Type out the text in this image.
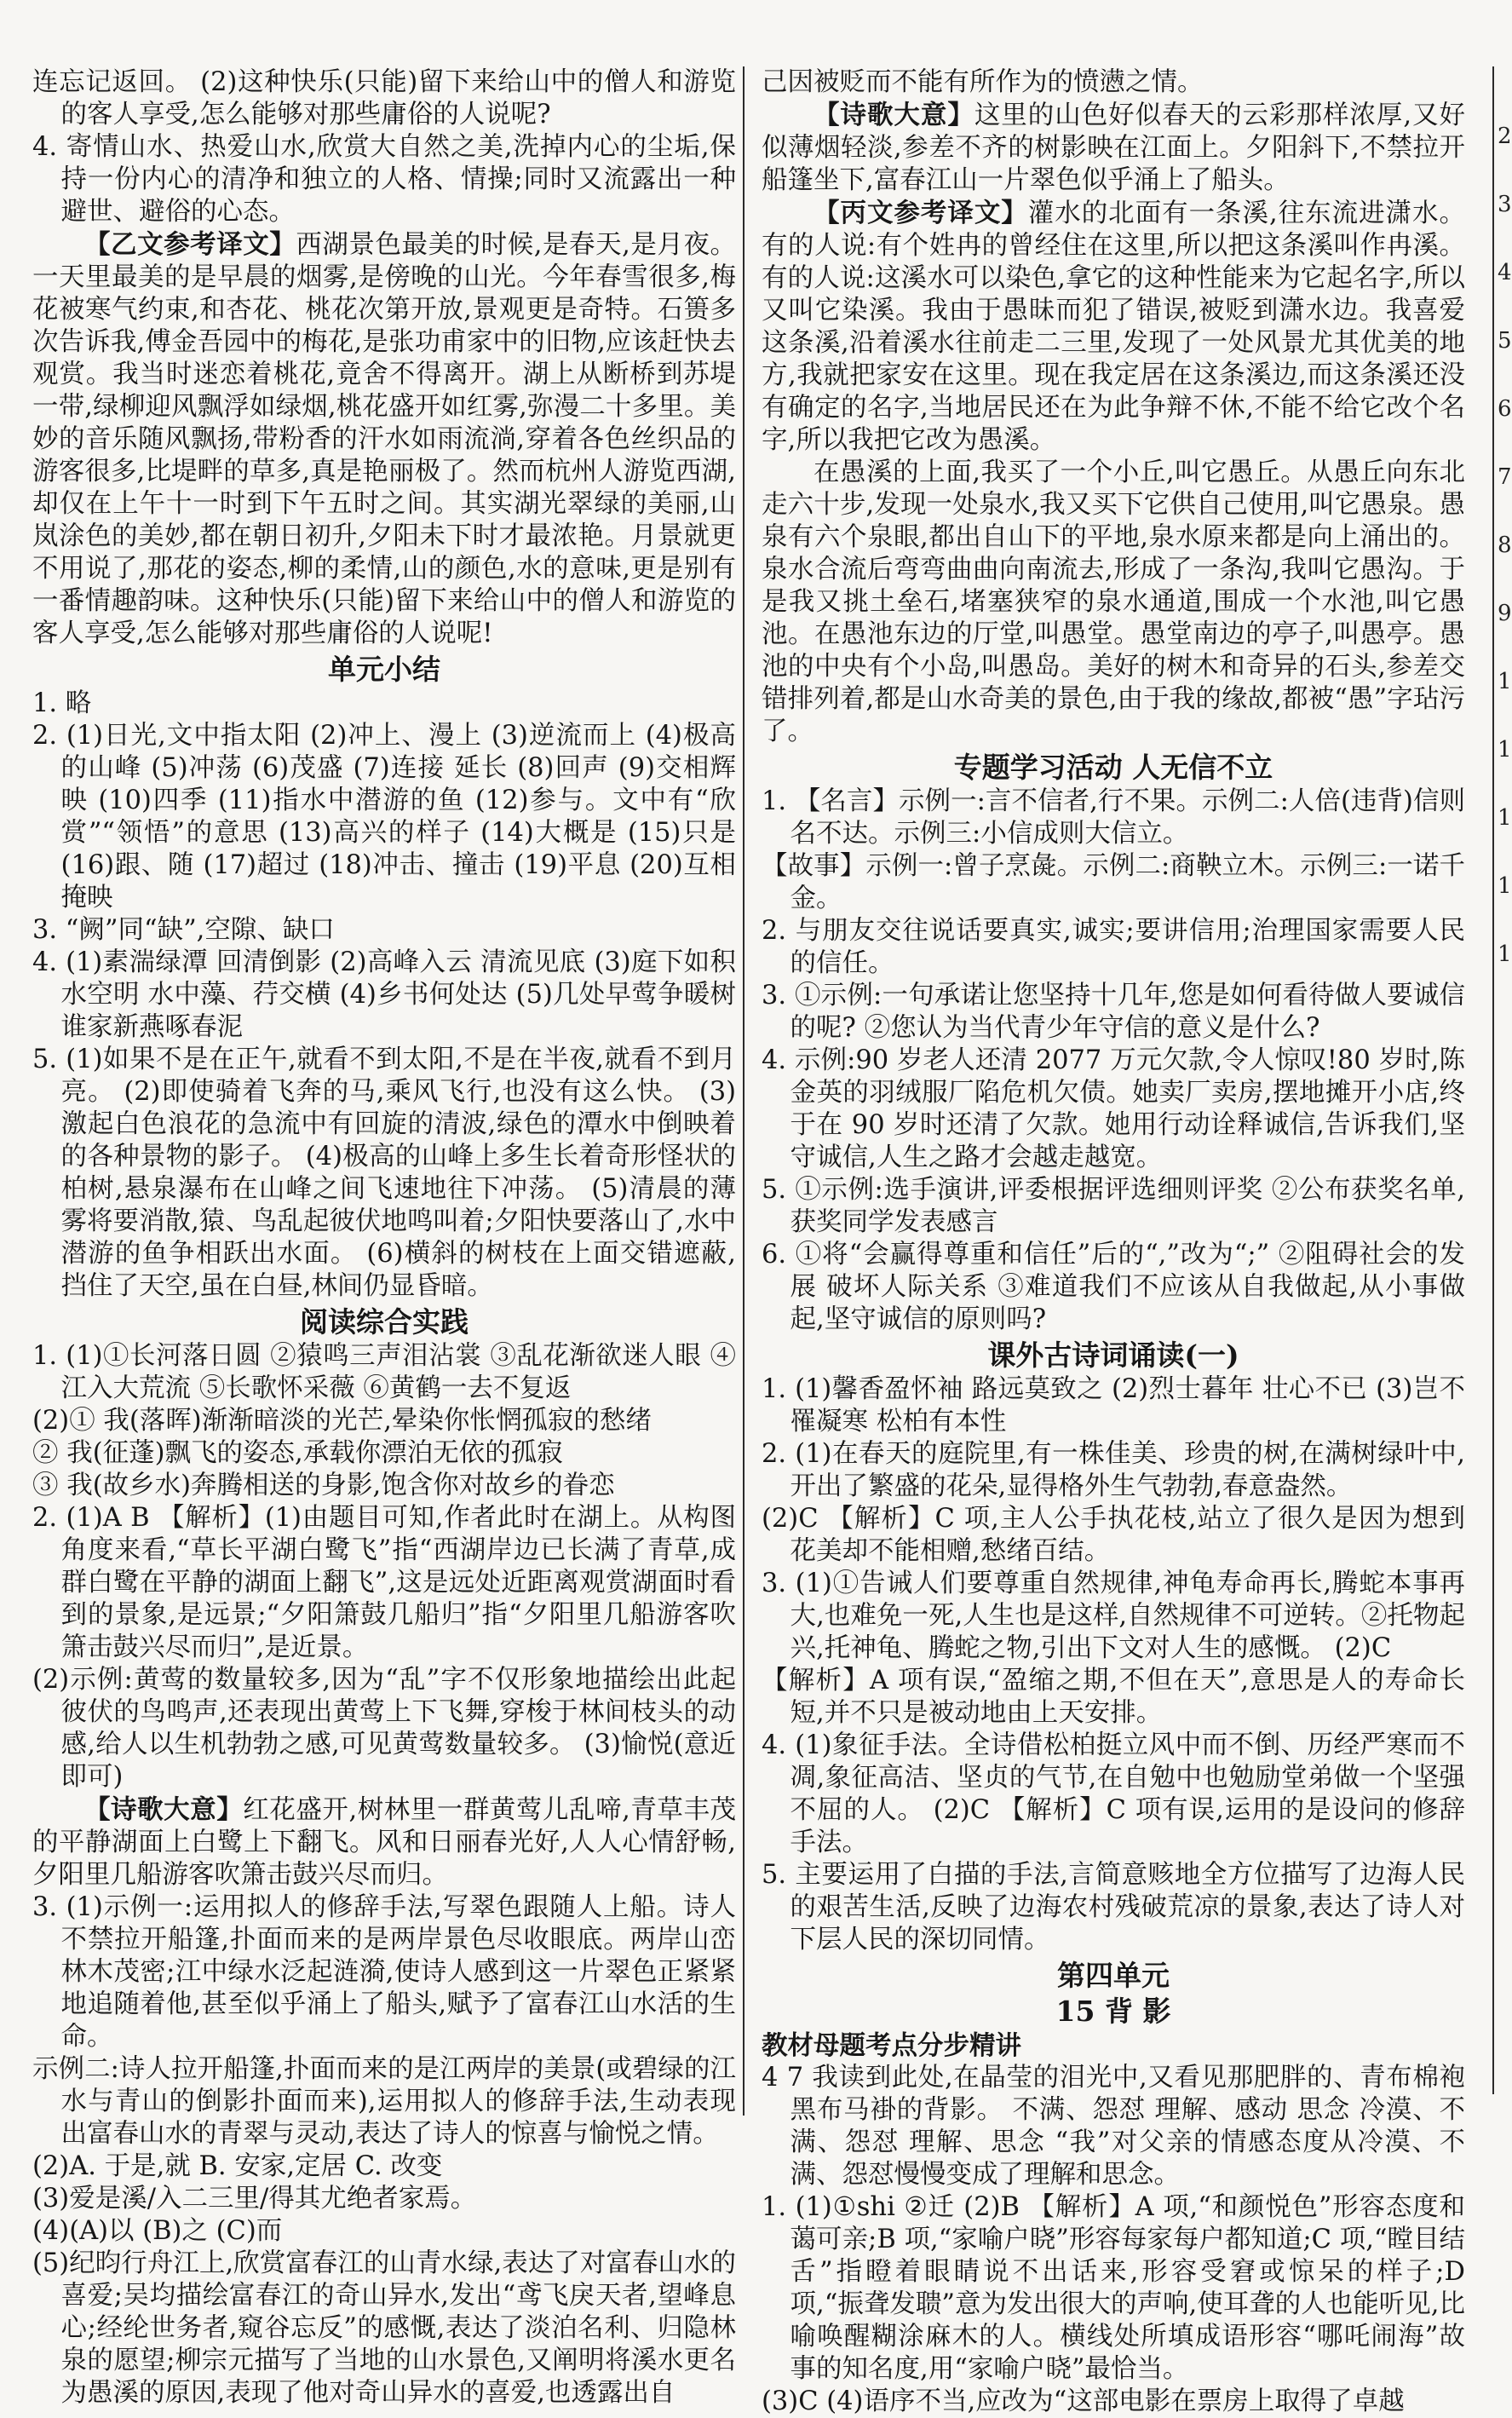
连忘记返回。 (2)这种快乐(只能)留下来给山中的僧人和游览的客人享受,怎么能够对那些庸俗的人说呢?

4. 寄情山水、热爱山水,欣赏大自然之美,洗掉内心的尘垢,保持一份内心的清净和独立的人格、情操;同时又流露出一种避世、避俗的心态。

【乙文参考译文】西湖景色最美的时候,是春天,是月夜。一天里最美的是早晨的烟雾,是傍晚的山光。今年春雪很多,梅花被寒气约束,和杏花、桃花次第开放,景观更是奇特。石篑多次告诉我,傅金吾园中的梅花,是张功甫家中的旧物,应该赶快去观赏。我当时迷恋着桃花,竟舍不得离开。湖上从断桥到苏堤一带,绿柳迎风飘浮如绿烟,桃花盛开如红雾,弥漫二十多里。美妙的音乐随风飘扬,带粉香的汗水如雨流淌,穿着各色丝织品的游客很多,比堤畔的草多,真是艳丽极了。然而杭州人游览西湖,却仅在上午十一时到下午五时之间。其实湖光翠绿的美丽,山岚涂色的美妙,都在朝日初升,夕阳未下时才最浓艳。月景就更不用说了,那花的姿态,柳的柔情,山的颜色,水的意味,更是别有一番情趣韵味。这种快乐(只能)留下来给山中的僧人和游览的客人享受,怎么能够对那些庸俗的人说呢!

单元小结

1. 略

2. (1)日光,文中指太阳 (2)冲上、漫上 (3)逆流而上 (4)极高的山峰 (5)冲荡 (6)茂盛 (7)连接 延长 (8)回声 (9)交相辉映 (10)四季 (11)指水中潜游的鱼 (12)参与。文中有“欣赏”“领悟”的意思 (13)高兴的样子 (14)大概是 (15)只是 (16)跟、随 (17)超过 (18)冲击、撞击 (19)平息 (20)互相掩映

3. “阙”同“缺”,空隙、缺口

4. (1)素湍绿潭 回清倒影 (2)高峰入云 清流见底 (3)庭下如积水空明 水中藻、荇交横 (4)乡书何处达 (5)几处早莺争暖树 谁家新燕啄春泥

5. (1)如果不是在正午,就看不到太阳,不是在半夜,就看不到月亮。 (2)即使骑着飞奔的马,乘风飞行,也没有这么快。 (3)激起白色浪花的急流中有回旋的清波,绿色的潭水中倒映着的各种景物的影子。 (4)极高的山峰上多生长着奇形怪状的柏树,悬泉瀑布在山峰之间飞速地往下冲荡。 (5)清晨的薄雾将要消散,猿、鸟乱起彼伏地鸣叫着;夕阳快要落山了,水中潜游的鱼争相跃出水面。 (6)横斜的树枝在上面交错遮蔽,挡住了天空,虽在白昼,林间仍显昏暗。

阅读综合实践

1. (1)①长河落日圆 ②猿鸣三声泪沾裳 ③乱花渐欲迷人眼 ④江入大荒流 ⑤长歌怀采薇 ⑥黄鹤一去不复返

(2)① 我(落晖)渐渐暗淡的光芒,晕染你怅惘孤寂的愁绪

② 我(征蓬)飘飞的姿态,承载你漂泊无依的孤寂

③ 我(故乡水)奔腾相送的身影,饱含你对故乡的眷恋

2. (1)A B 【解析】(1)由题目可知,作者此时在湖上。从构图角度来看,“草长平湖白鹭飞”指“西湖岸边已长满了青草,成群白鹭在平静的湖面上翻飞”,这是远处近距离观赏湖面时看到的景象,是远景;“夕阳箫鼓几船归”指“夕阳里几船游客吹箫击鼓兴尽而归”,是近景。

(2)示例:黄莺的数量较多,因为“乱”字不仅形象地描绘出此起彼伏的鸟鸣声,还表现出黄莺上下飞舞,穿梭于林间枝头的动感,给人以生机勃勃之感,可见黄莺数量较多。 (3)愉悦(意近即可)

【诗歌大意】红花盛开,树林里一群黄莺儿乱啼,青草丰茂的平静湖面上白鹭上下翻飞。风和日丽春光好,人人心情舒畅,夕阳里几船游客吹箫击鼓兴尽而归。

3. (1)示例一:运用拟人的修辞手法,写翠色跟随人上船。诗人不禁拉开船篷,扑面而来的是两岸景色尽收眼底。两岸山峦林木茂密;江中绿水泛起涟漪,使诗人感到这一片翠色正紧紧地追随着他,甚至似乎涌上了船头,赋予了富春江山水活的生命。

示例二:诗人拉开船篷,扑面而来的是江两岸的美景(或碧绿的江水与青山的倒影扑面而来),运用拟人的修辞手法,生动表现出富春山水的青翠与灵动,表达了诗人的惊喜与愉悦之情。

(2)A. 于是,就 B. 安家,定居 C. 改变

(3)爱是溪/入二三里/得其尤绝者家焉。

(4)(A)以 (B)之 (C)而

(5)纪昀行舟江上,欣赏富春江的山青水绿,表达了对富春山水的喜爱;吴均描绘富春江的奇山异水,发出“鸢飞戾天者,望峰息心;经纶世务者,窥谷忘反”的感慨,表达了淡泊名利、归隐林泉的愿望;柳宗元描写了当地的山水景色,又阐明将溪水更名为愚溪的原因,表现了他对奇山异水的喜爱,也透露出自

己因被贬而不能有所作为的愤懑之情。

【诗歌大意】这里的山色好似春天的云彩那样浓厚,又好似薄烟轻淡,参差不齐的树影映在江面上。夕阳斜下,不禁拉开船篷坐下,富春江山一片翠色似乎涌上了船头。

【丙文参考译文】灌水的北面有一条溪,往东流进潇水。有的人说:有个姓冉的曾经住在这里,所以把这条溪叫作冉溪。有的人说:这溪水可以染色,拿它的这种性能来为它起名字,所以又叫它染溪。我由于愚昧而犯了错误,被贬到潇水边。我喜爱这条溪,沿着溪水往前走二三里,发现了一处风景尤其优美的地方,我就把家安在这里。现在我定居在这条溪边,而这条溪还没有确定的名字,当地居民还在为此争辩不休,不能不给它改个名字,所以我把它改为愚溪。

在愚溪的上面,我买了一个小丘,叫它愚丘。从愚丘向东北走六十步,发现一处泉水,我又买下它供自己使用,叫它愚泉。愚泉有六个泉眼,都出自山下的平地,泉水原来都是向上涌出的。泉水合流后弯弯曲曲向南流去,形成了一条沟,我叫它愚沟。于是我又挑土垒石,堵塞狭窄的泉水通道,围成一个水池,叫它愚池。在愚池东边的厅堂,叫愚堂。愚堂南边的亭子,叫愚亭。愚池的中央有个小岛,叫愚岛。美好的树木和奇异的石头,参差交错排列着,都是山水奇美的景色,由于我的缘故,都被“愚”字玷污了。

专题学习活动 人无信不立

1. 【名言】示例一:言不信者,行不果。示例二:人倍(违背)信则名不达。示例三:小信成则大信立。

【故事】示例一:曾子烹彘。示例二:商鞅立木。示例三:一诺千金。

2. 与朋友交往说话要真实,诚实;要讲信用;治理国家需要人民的信任。

3. ①示例:一句承诺让您坚持十几年,您是如何看待做人要诚信的呢? ②您认为当代青少年守信的意义是什么?

4. 示例:90 岁老人还清 2077 万元欠款,令人惊叹!80 岁时,陈金英的羽绒服厂陷危机欠债。她卖厂卖房,摆地摊开小店,终于在 90 岁时还清了欠款。她用行动诠释诚信,告诉我们,坚守诚信,人生之路才会越走越宽。

5. ①示例:选手演讲,评委根据评选细则评奖 ②公布获奖名单,获奖同学发表感言

6. ①将“会赢得尊重和信任”后的“,”改为“;” ②阻碍社会的发展 破坏人际关系 ③难道我们不应该从自我做起,从小事做起,坚守诚信的原则吗?

课外古诗词诵读(一)

1. (1)馨香盈怀袖 路远莫致之 (2)烈士暮年 壮心不已 (3)岂不罹凝寒 松柏有本性

2. (1)在春天的庭院里,有一株佳美、珍贵的树,在满树绿叶中,开出了繁盛的花朵,显得格外生气勃勃,春意盎然。

(2)C 【解析】C 项,主人公手执花枝,站立了很久是因为想到花美却不能相赠,愁绪百结。

3. (1)①告诫人们要尊重自然规律,神龟寿命再长,腾蛇本事再大,也难免一死,人生也是这样,自然规律不可逆转。②托物起兴,托神龟、腾蛇之物,引出下文对人生的感慨。 (2)C

【解析】A 项有误,“盈缩之期,不但在天”,意思是人的寿命长短,并不只是被动地由上天安排。

4. (1)象征手法。全诗借松柏挺立风中而不倒、历经严寒而不凋,象征高洁、坚贞的气节,在自勉中也勉励堂弟做一个坚强不屈的人。 (2)C 【解析】C 项有误,运用的是设问的修辞手法。

5. 主要运用了白描的手法,言简意赅地全方位描写了边海人民的艰苦生活,反映了边海农村残破荒凉的景象,表达了诗人对下层人民的深切同情。

第四单元

15 背 影

教材母题考点分步精讲

4 7 我读到此处,在晶莹的泪光中,又看见那肥胖的、青布棉袍黑布马褂的背影。 不满、怨怼 理解、感动 思念 冷漠、不满、怨怼 理解、思念 “我”对父亲的情感态度从冷漠、不满、怨怼慢慢变成了理解和思念。

1. (1)①shi ②迁 (2)B 【解析】A 项,“和颜悦色”形容态度和蔼可亲;B 项,“家喻户晓”形容每家每户都知道;C 项,“瞠目结舌”指瞪着眼睛说不出话来,形容受窘或惊呆的样子;D 项,“振聋发聩”意为发出很大的声响,使耳聋的人也能听见,比喻唤醒糊涂麻木的人。横线处所填成语形容“哪吒闹海”故事的知名度,用“家喻户晓”最恰当。

(3)C (4)语序不当,应改为“这部电影在票房上取得了卓越

2 3 4 5 6 7 8 9 1 1 1 1 1
